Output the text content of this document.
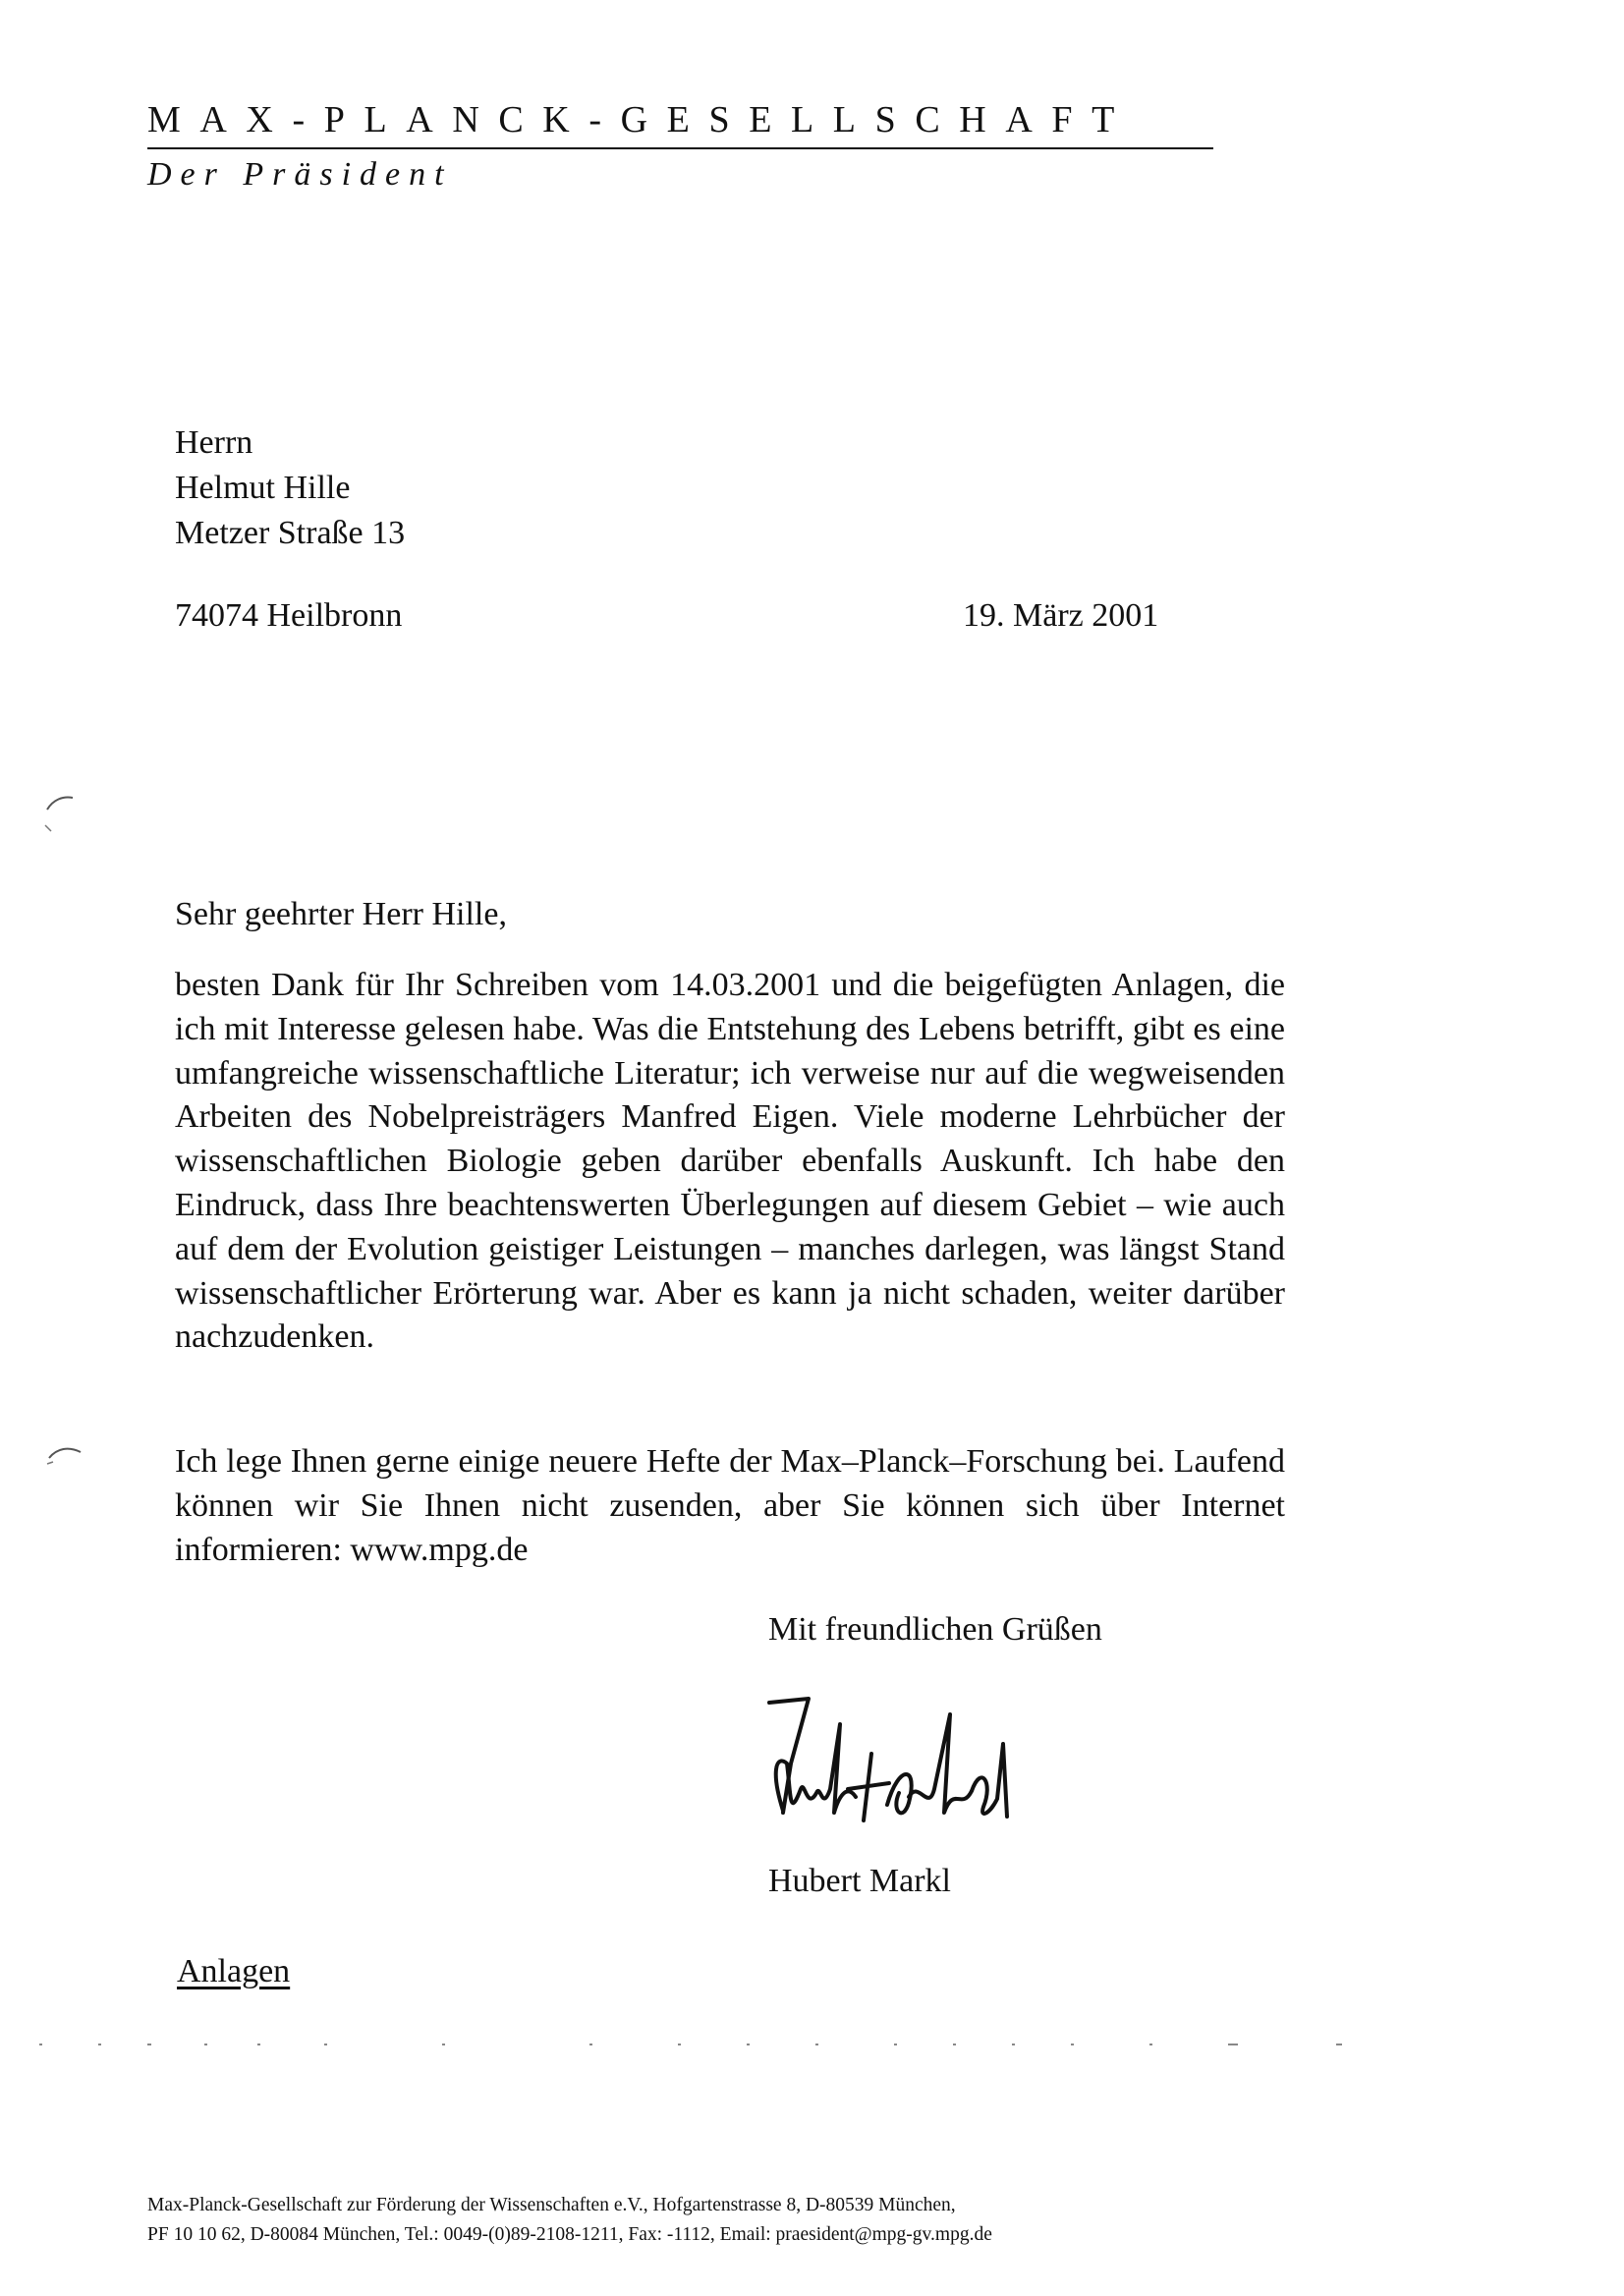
MAX-PLANCK-GESELLSCHAFT
Der Präsident
Herrn
Helmut Hille
Metzer Straße 13
74074 Heilbronn	19. März 2001
Sehr geehrter Herr Hille,

besten Dank für Ihr Schreiben vom 14.03.2001 und die beigefügten Anlagen, die ich mit Interesse gelesen habe. Was die Entstehung des Lebens betrifft, gibt es eine umfangreiche wissenschaftliche Literatur; ich verweise nur auf die wegweisenden Arbeiten des Nobelpreisträgers Manfred Eigen. Viele moderne Lehrbücher der wissenschaftlichen Biologie geben darüber ebenfalls Auskunft. Ich habe den Eindruck, dass Ihre beachtenswerten Überlegungen auf diesem Gebiet – wie auch auf dem der Evolution geistiger Leistungen – manches darlegen, was längst Stand wissenschaftlicher Erörterung war. Aber es kann ja nicht schaden, weiter darüber nachzudenken.

Ich lege Ihnen gerne einige neuere Hefte der Max–Planck–Forschung bei. Laufend können wir Sie Ihnen nicht zusenden, aber Sie können sich über Internet informieren: www.mpg.de

Mit freundlichen Grüßen
Hubert Markl
Anlagen
Max-Planck-Gesellschaft zur Förderung der Wissenschaften e.V., Hofgartenstrasse 8, D-80539 München,
PF 10 10 62, D-80084 München, Tel.: 0049-(0)89-2108-1211, Fax: -1112, Email: praesident@mpg-gv.mpg.de
